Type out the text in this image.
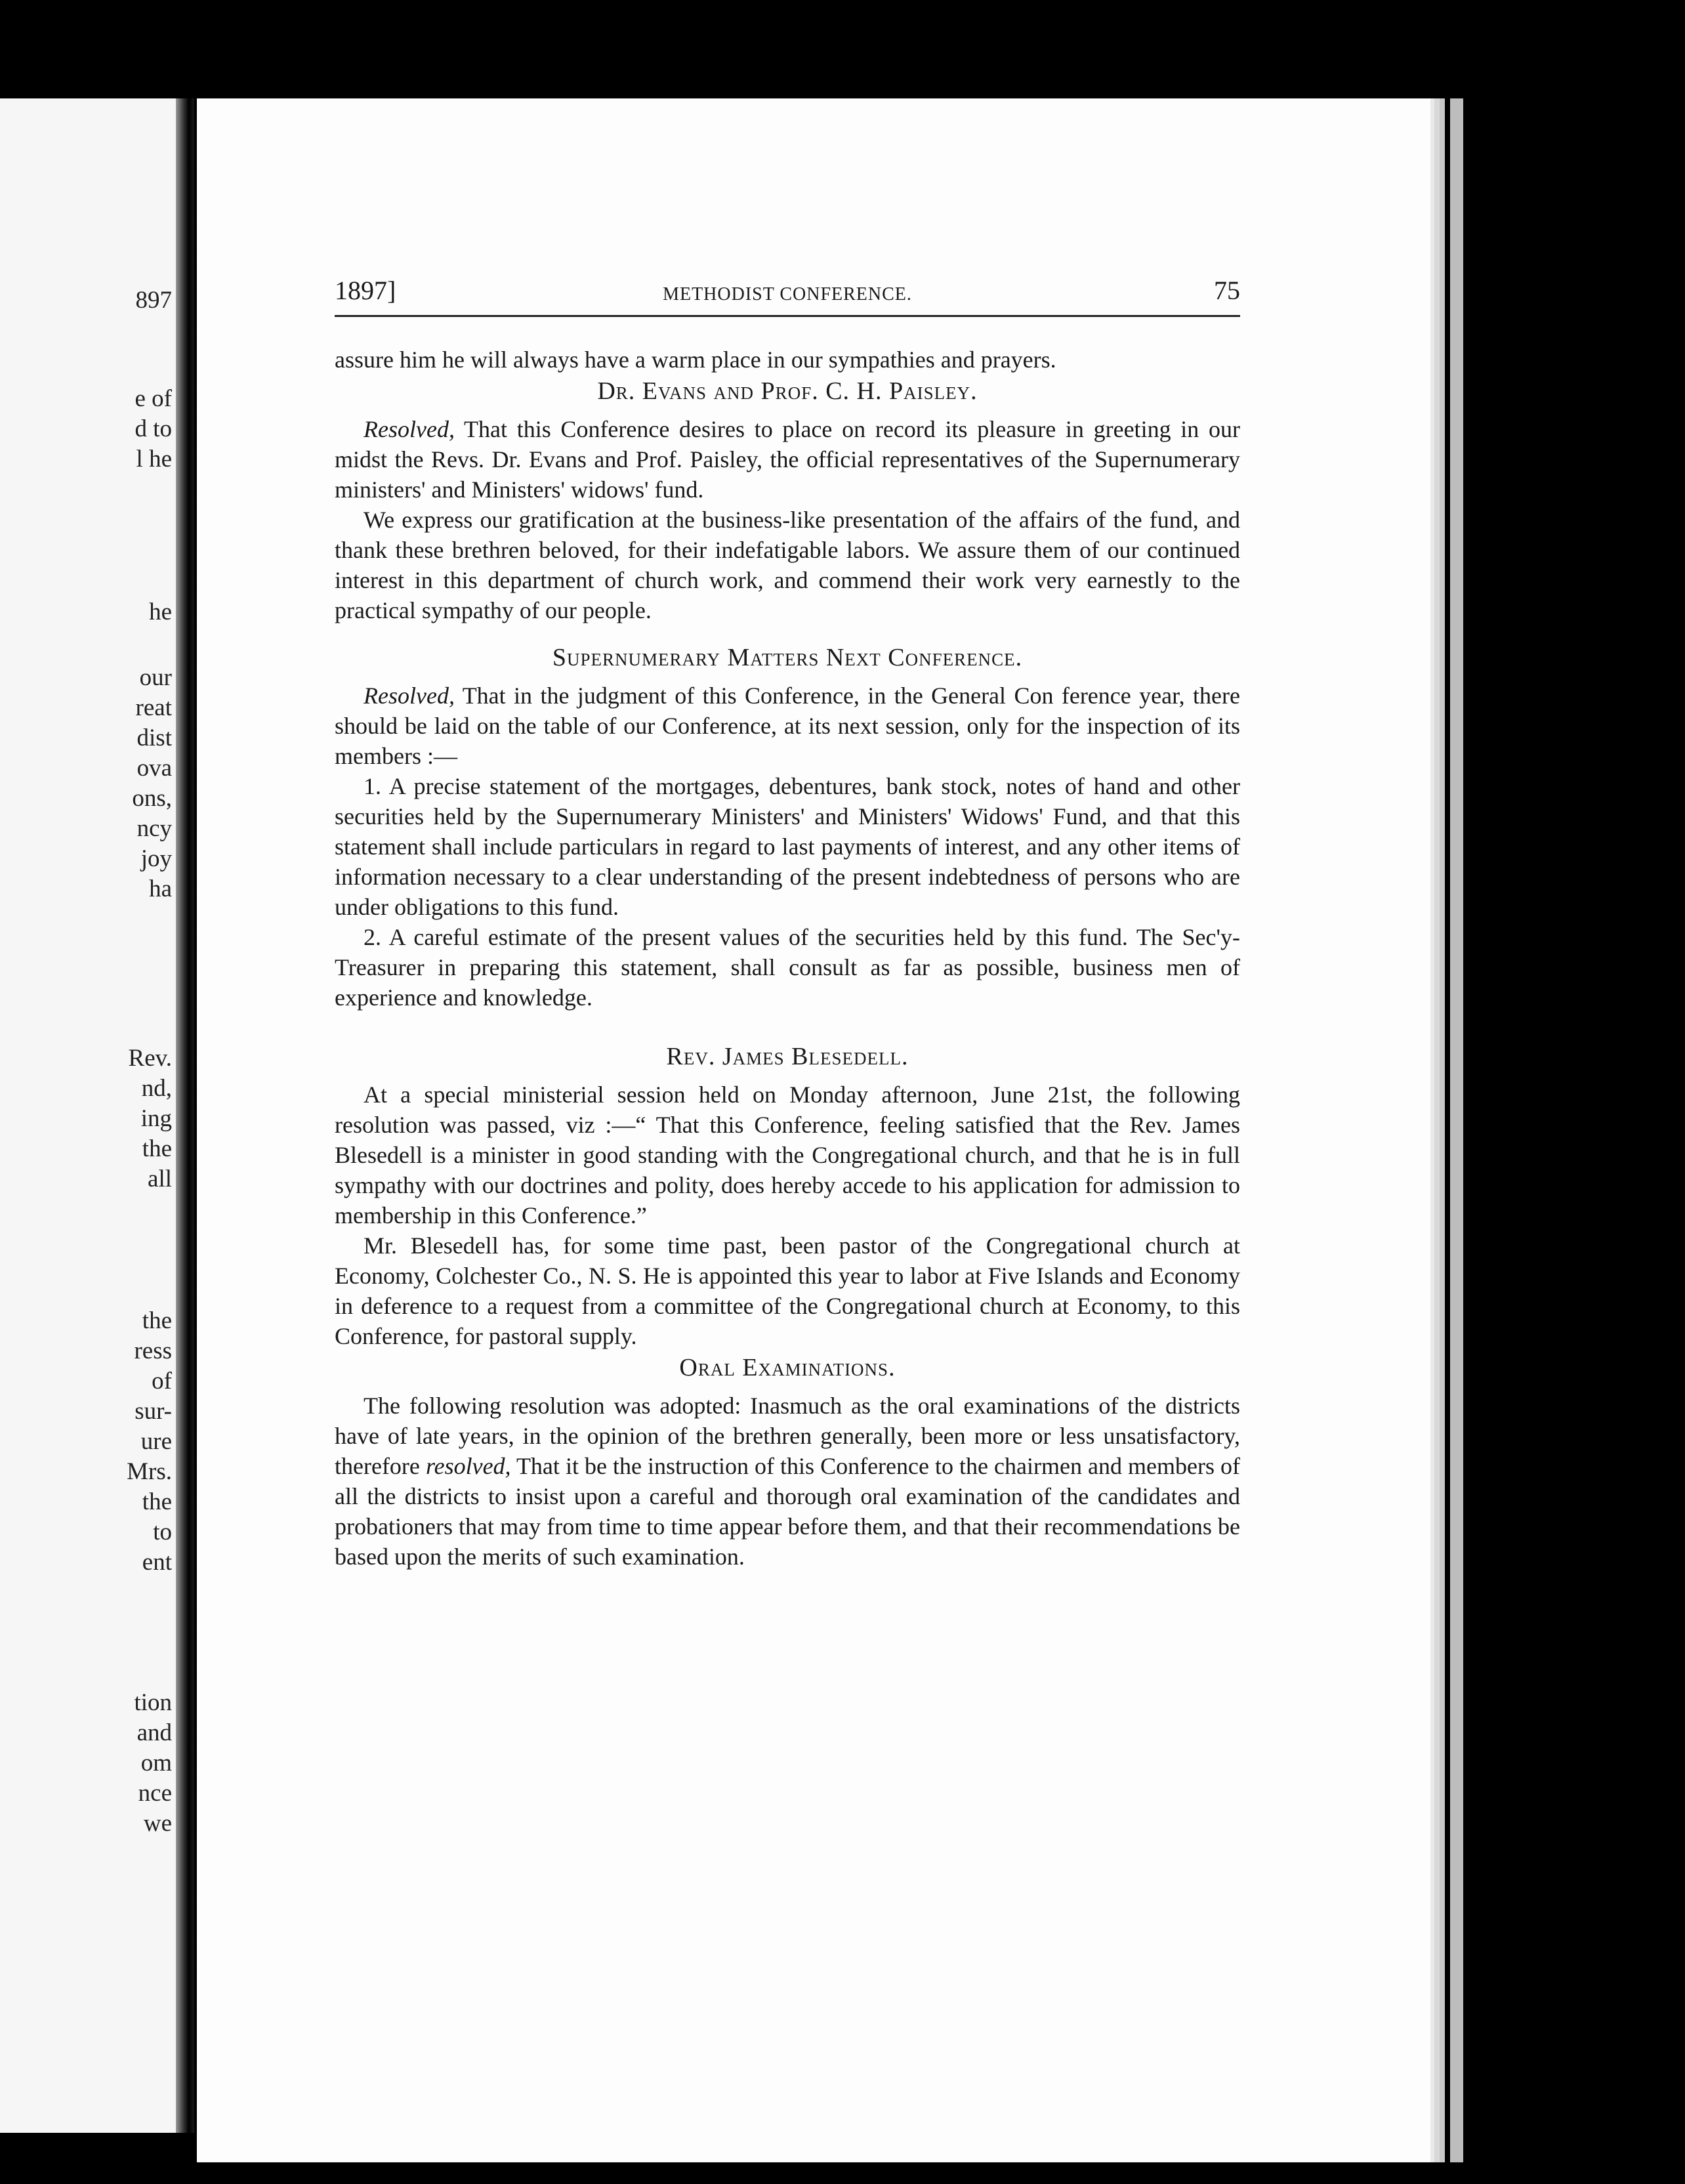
897
e of
d to
l he
he
our
reat
dist
ova
ons,
ncy
joy
ha
Rev.
nd,
ing
the
all
the
ress
of
sur-
ure
Mrs.
the
to
ent
tion
and
om
nce
we
1897]	METHODIST CONFERENCE.	75

assure him he will always have a warm place in our sympathies and prayers.

Dr. Evans and Prof. C. H. Paisley.

Resolved, That this Conference desires to place on record its pleasure in greeting in our midst the Revs. Dr. Evans and Prof. Paisley, the official representatives of the Supernumerary ministers' and Ministers' widows' fund.

We express our gratification at the business-like presentation of the affairs of the fund, and thank these brethren beloved, for their indefatigable labors. We assure them of our continued interest in this department of church work, and commend their work very earnestly to the practical sympathy of our people.

Supernumerary Matters Next Conference.

Resolved, That in the judgment of this Conference, in the General Con ference year, there should be laid on the table of our Conference, at its next session, only for the inspection of its members :—

1. A precise statement of the mortgages, debentures, bank stock, notes of hand and other securities held by the Supernumerary Ministers' and Ministers' Widows' Fund, and that this statement shall include particulars in regard to last payments of interest, and any other items of information necessary to a clear understanding of the present indebtedness of persons who are under obligations to this fund.

2. A careful estimate of the present values of the securities held by this fund. The Sec'y-Treasurer in preparing this statement, shall consult as far as possible, business men of experience and knowledge.

Rev. James Blesedell.

At a special ministerial session held on Monday afternoon, June 21st, the following resolution was passed, viz :—“ That this Conference, feeling satisfied that the Rev. James Blesedell is a minister in good standing with the Congregational church, and that he is in full sympathy with our doctrines and polity, does hereby accede to his application for admission to membership in this Conference.”

Mr. Blesedell has, for some time past, been pastor of the Congregational church at Economy, Colchester Co., N. S. He is appointed this year to labor at Five Islands and Economy in deference to a request from a committee of the Congregational church at Economy, to this Conference, for pastoral supply.

Oral Examinations.

The following resolution was adopted: Inasmuch as the oral examinations of the districts have of late years, in the opinion of the brethren generally, been more or less unsatisfactory, therefore resolved, That it be the instruction of this Conference to the chairmen and members of all the districts to insist upon a careful and thorough oral examination of the candidates and probationers that may from time to time appear before them, and that their recommendations be based upon the merits of such examination.
